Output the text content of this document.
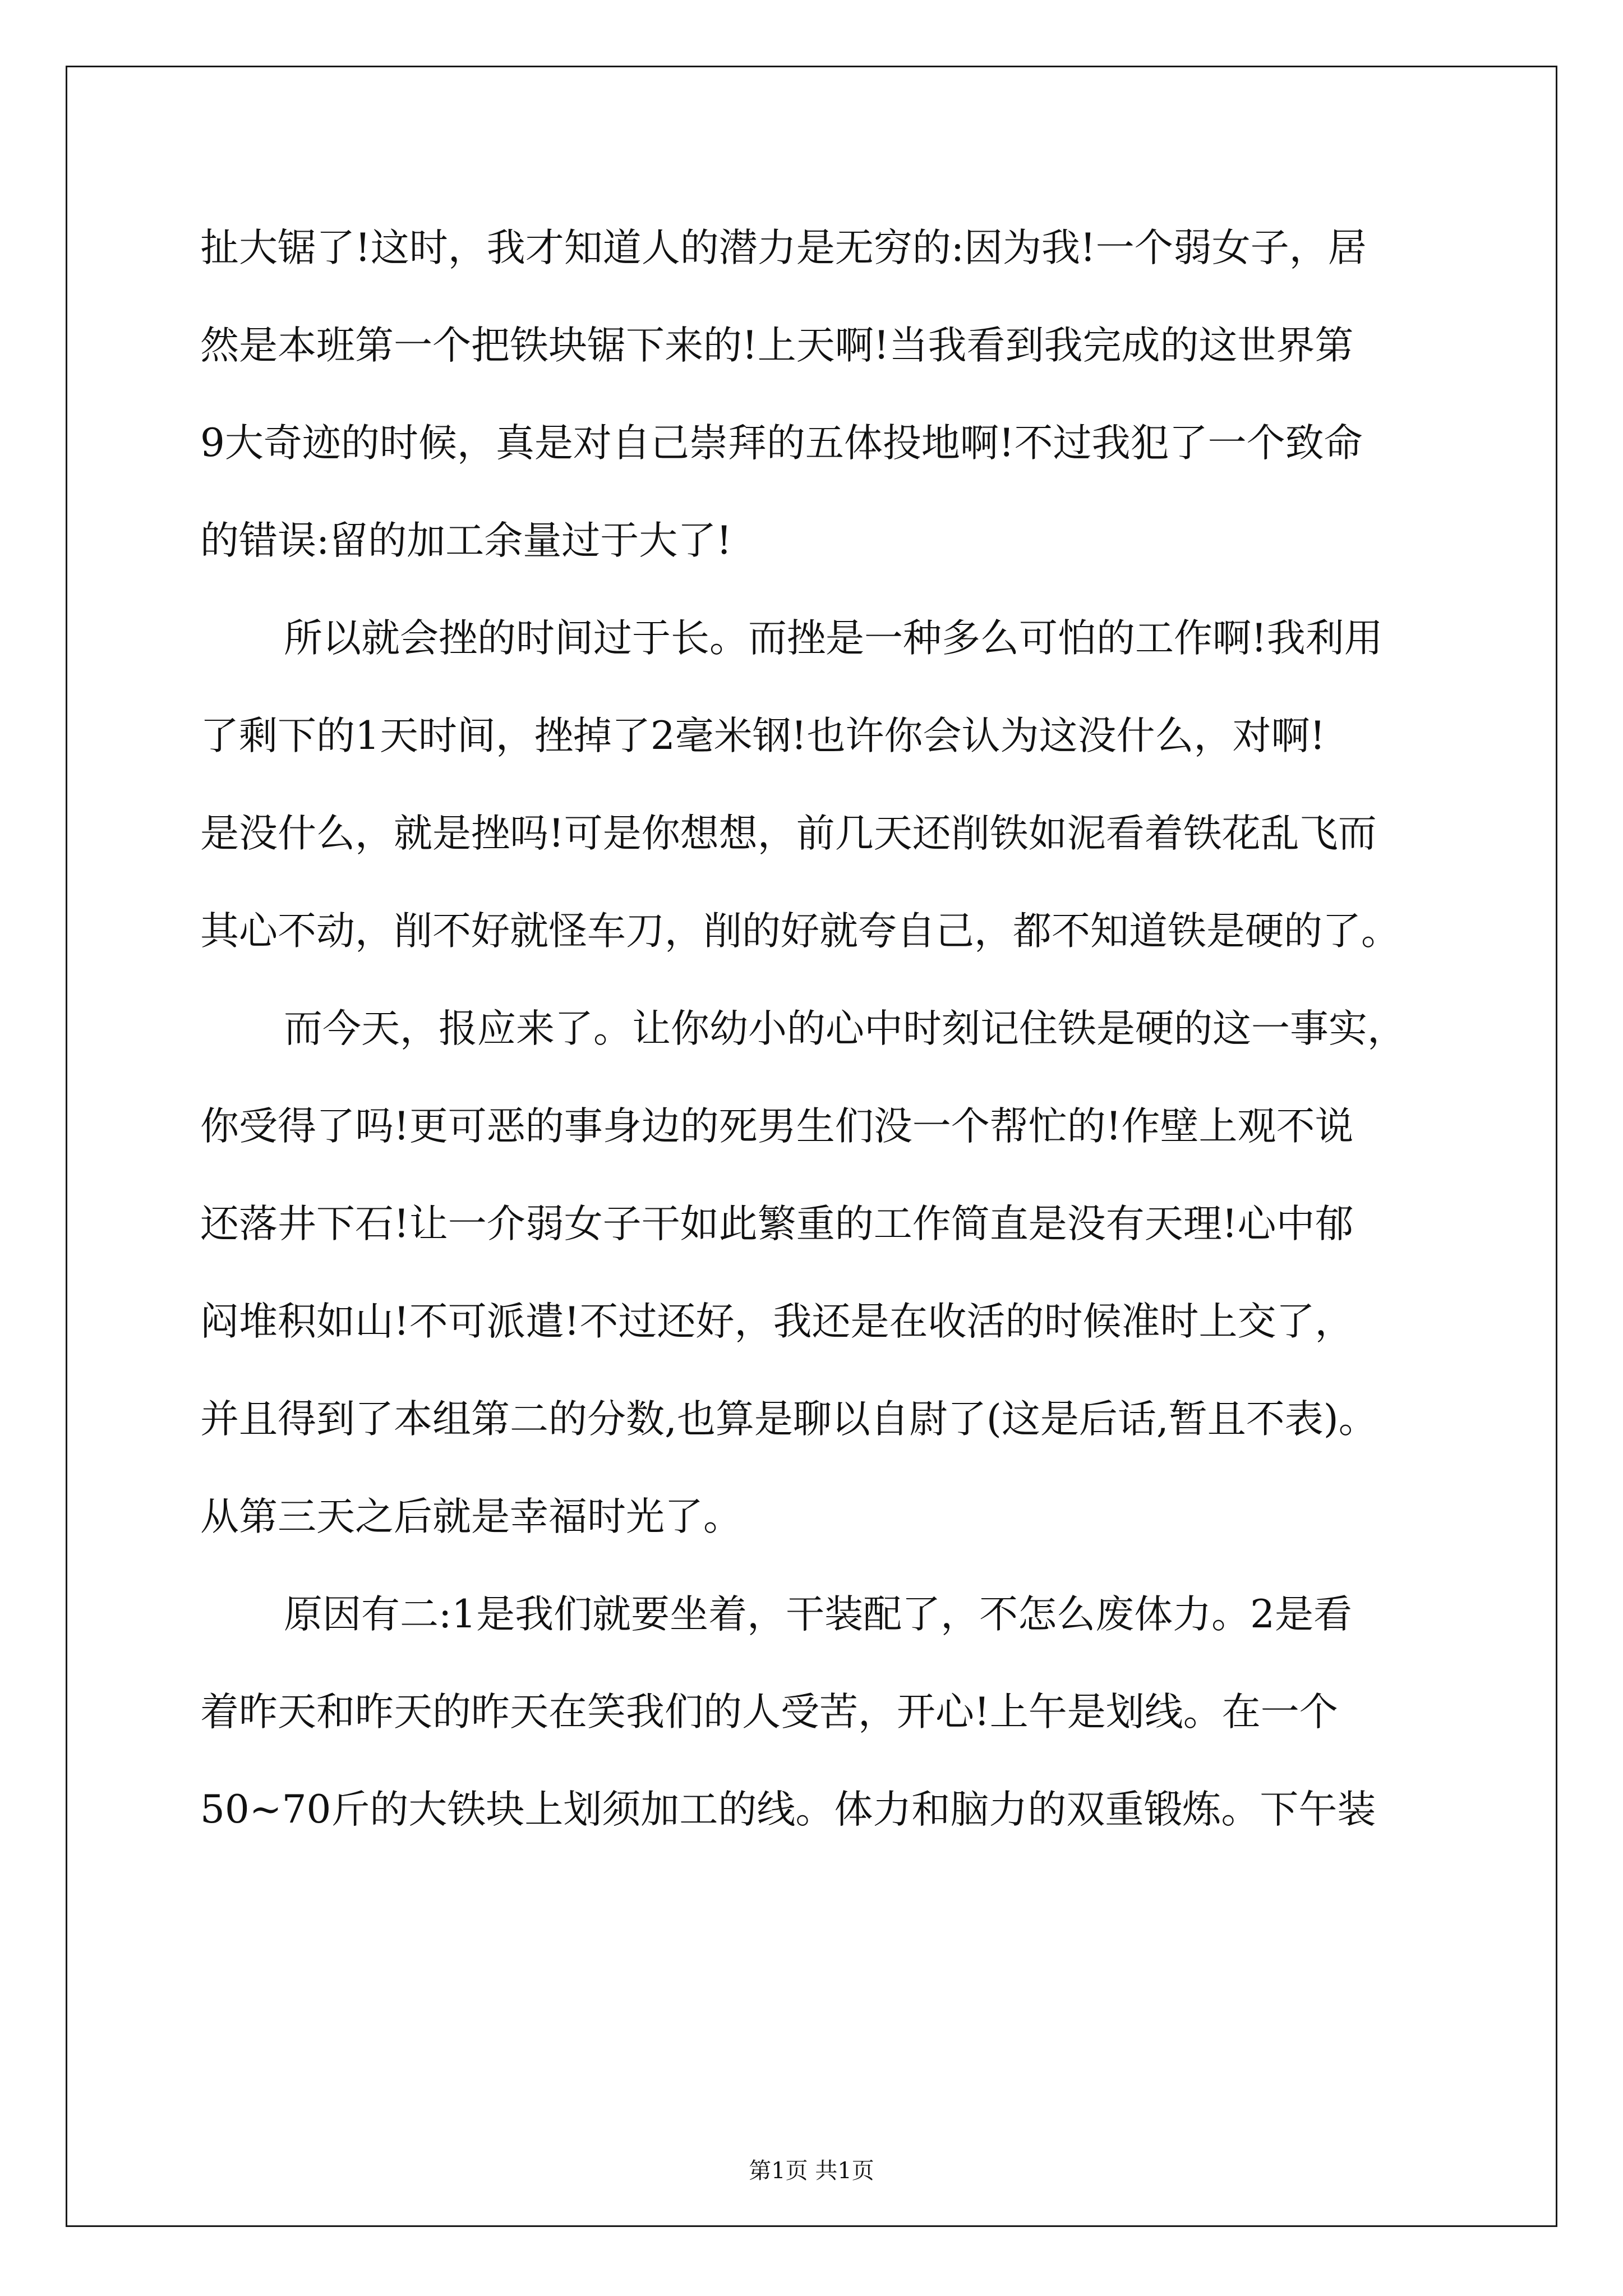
扯大锯了!这时，我才知道人的潜力是无穷的:因为我!一个弱女子，居

然是本班第一个把铁块锯下来的!上天啊!当我看到我完成的这世界第

9大奇迹的时候，真是对自己崇拜的五体投地啊!不过我犯了一个致命

的错误:留的加工余量过于大了!

所以就会挫的时间过于长。而挫是一种多么可怕的工作啊!我利用

了剩下的1天时间，挫掉了2毫米钢!也许你会认为这没什么，对啊!

是没什么，就是挫吗!可是你想想，前几天还削铁如泥看着铁花乱飞而

其心不动，削不好就怪车刀，削的好就夸自己，都不知道铁是硬的了。

而今天，报应来了。让你幼小的心中时刻记住铁是硬的这一事实，

你受得了吗!更可恶的事身边的死男生们没一个帮忙的!作壁上观不说

还落井下石!让一介弱女子干如此繁重的工作简直是没有天理!心中郁

闷堆积如山!不可派遣!不过还好，我还是在收活的时候准时上交了，

并且得到了本组第二的分数,也算是聊以自尉了(这是后话,暂且不表)。

从第三天之后就是幸福时光了。

原因有二:1是我们就要坐着，干装配了，不怎么废体力。2是看

着昨天和昨天的昨天在笑我们的人受苦，开心!上午是划线。在一个

50~70斤的大铁块上划须加工的线。体力和脑力的双重锻炼。下午装

第1页 共1页
